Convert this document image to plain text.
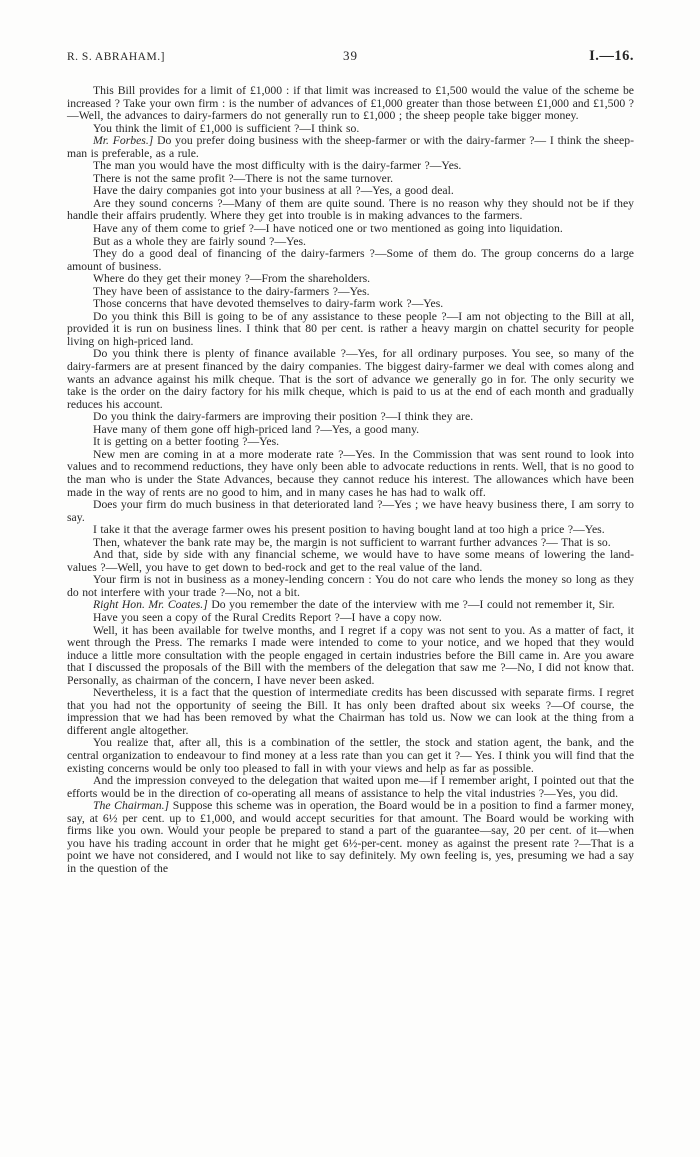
R. S. ABRAHAM.]	39	I.—16.

This Bill provides for a limit of £1,000 : if that limit was increased to £1,500 would the value of the scheme be increased ? Take your own firm : is the number of advances of £1,000 greater than those between £1,000 and £1,500 ?—Well, the advances to dairy-farmers do not generally run to £1,000 ; the sheep people take bigger money.

You think the limit of £1,000 is sufficient ?—I think so.

Mr. Forbes.] Do you prefer doing business with the sheep-farmer or with the dairy-farmer ?— I think the sheep-man is preferable, as a rule.

The man you would have the most difficulty with is the dairy-farmer ?—Yes.

There is not the same profit ?—There is not the same turnover.

Have the dairy companies got into your business at all ?—Yes, a good deal.

Are they sound concerns ?—Many of them are quite sound. There is no reason why they should not be if they handle their affairs prudently. Where they get into trouble is in making advances to the farmers.

Have any of them come to grief ?—I have noticed one or two mentioned as going into liquidation.

But as a whole they are fairly sound ?—Yes.

They do a good deal of financing of the dairy-farmers ?—Some of them do. The group concerns do a large amount of business.

Where do they get their money ?—From the shareholders.

They have been of assistance to the dairy-farmers ?—Yes.

Those concerns that have devoted themselves to dairy-farm work ?—Yes.

Do you think this Bill is going to be of any assistance to these people ?—I am not objecting to the Bill at all, provided it is run on business lines. I think that 80 per cent. is rather a heavy margin on chattel security for people living on high-priced land.

Do you think there is plenty of finance available ?—Yes, for all ordinary purposes. You see, so many of the dairy-farmers are at present financed by the dairy companies. The biggest dairy-farmer we deal with comes along and wants an advance against his milk cheque. That is the sort of advance we generally go in for. The only security we take is the order on the dairy factory for his milk cheque, which is paid to us at the end of each month and gradually reduces his account.

Do you think the dairy-farmers are improving their position ?—I think they are.

Have many of them gone off high-priced land ?—Yes, a good many.

It is getting on a better footing ?—Yes.

New men are coming in at a more moderate rate ?—Yes. In the Commission that was sent round to look into values and to recommend reductions, they have only been able to advocate reductions in rents. Well, that is no good to the man who is under the State Advances, because they cannot reduce his interest. The allowances which have been made in the way of rents are no good to him, and in many cases he has had to walk off.

Does your firm do much business in that deteriorated land ?—Yes ; we have heavy business there, I am sorry to say.

I take it that the average farmer owes his present position to having bought land at too high a price ?—Yes.

Then, whatever the bank rate may be, the margin is not sufficient to warrant further advances ?— That is so.

And that, side by side with any financial scheme, we would have to have some means of lowering the land-values ?—Well, you have to get down to bed-rock and get to the real value of the land.

Your firm is not in business as a money-lending concern : You do not care who lends the money so long as they do not interfere with your trade ?—No, not a bit.

Right Hon. Mr. Coates.] Do you remember the date of the interview with me ?—I could not remember it, Sir.

Have you seen a copy of the Rural Credits Report ?—I have a copy now.

Well, it has been available for twelve months, and I regret if a copy was not sent to you. As a matter of fact, it went through the Press. The remarks I made were intended to come to your notice, and we hoped that they would induce a little more consultation with the people engaged in certain industries before the Bill came in. Are you aware that I discussed the proposals of the Bill with the members of the delegation that saw me ?—No, I did not know that. Personally, as chairman of the concern, I have never been asked.

Nevertheless, it is a fact that the question of intermediate credits has been discussed with separate firms. I regret that you had not the opportunity of seeing the Bill. It has only been drafted about six weeks ?—Of course, the impression that we had has been removed by what the Chairman has told us. Now we can look at the thing from a different angle altogether.

You realize that, after all, this is a combination of the settler, the stock and station agent, the bank, and the central organization to endeavour to find money at a less rate than you can get it ?— Yes. I think you will find that the existing concerns would be only too pleased to fall in with your views and help as far as possible.

And the impression conveyed to the delegation that waited upon me—if I remember aright, I pointed out that the efforts would be in the direction of co-operating all means of assistance to help the vital industries ?—Yes, you did.

The Chairman.] Suppose this scheme was in operation, the Board would be in a position to find a farmer money, say, at 6½ per cent. up to £1,000, and would accept securities for that amount. The Board would be working with firms like you own. Would your people be prepared to stand a part of the guarantee—say, 20 per cent. of it—when you have his trading account in order that he might get 6½-per-cent. money as against the present rate ?—That is a point we have not considered, and I would not like to say definitely. My own feeling is, yes, presuming we had a say in the question of the
